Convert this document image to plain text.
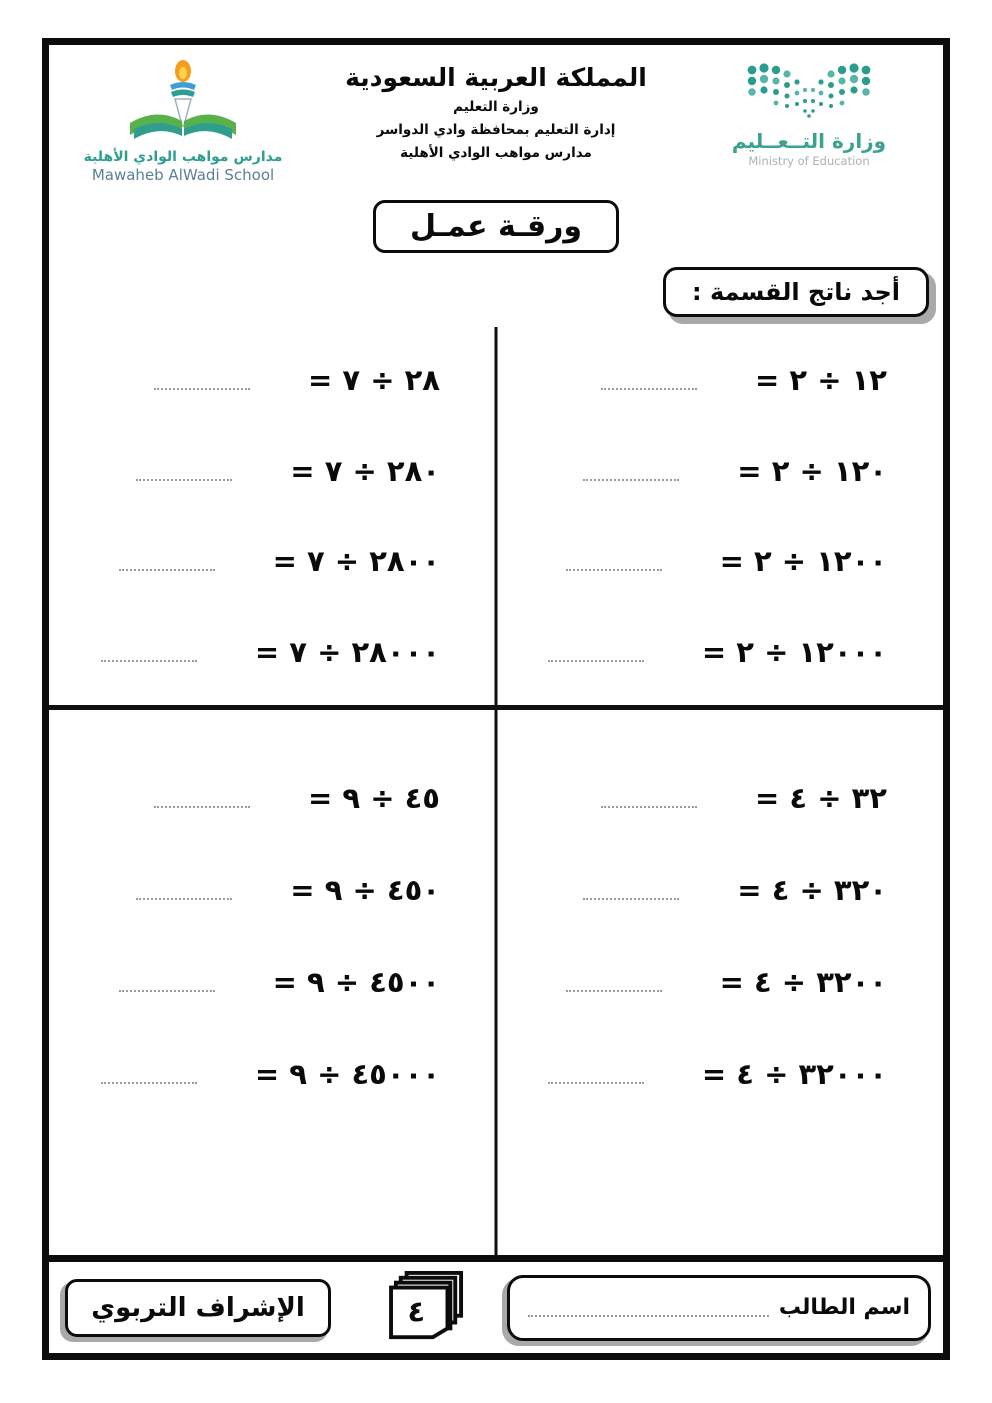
مدارس مواهب الوادي الأهلية
Mawaheb AlWadi School
المملكة العربية السعودية
وزارة التعليم
إدارة التعليم بمحافظة وادي الدواسر
مدارس مواهب الوادي الأهلية	وزارة التــعــليم
Ministry of Education
ورقـة عمـل
أجد ناتج القسمة :
٢٨ ÷ ٧ =
٢٨٠ ÷ ٧ =
٢٨٠٠ ÷ ٧ =
٢٨٠٠٠ ÷ ٧ =
١٢ ÷ ٢ =
١٢٠ ÷ ٢ =
١٢٠٠ ÷ ٢ =
١٢٠٠٠ ÷ ٢ =
٤٥ ÷ ٩ =
٤٥٠ ÷ ٩ =
٤٥٠٠ ÷ ٩ =
٤٥٠٠٠ ÷ ٩ =
٣٢ ÷ ٤ =
٣٢٠ ÷ ٤ =
٣٢٠٠ ÷ ٤ =
٣٢٠٠٠ ÷ ٤ =
اسم الطالب
٤
الإشراف التربوي
